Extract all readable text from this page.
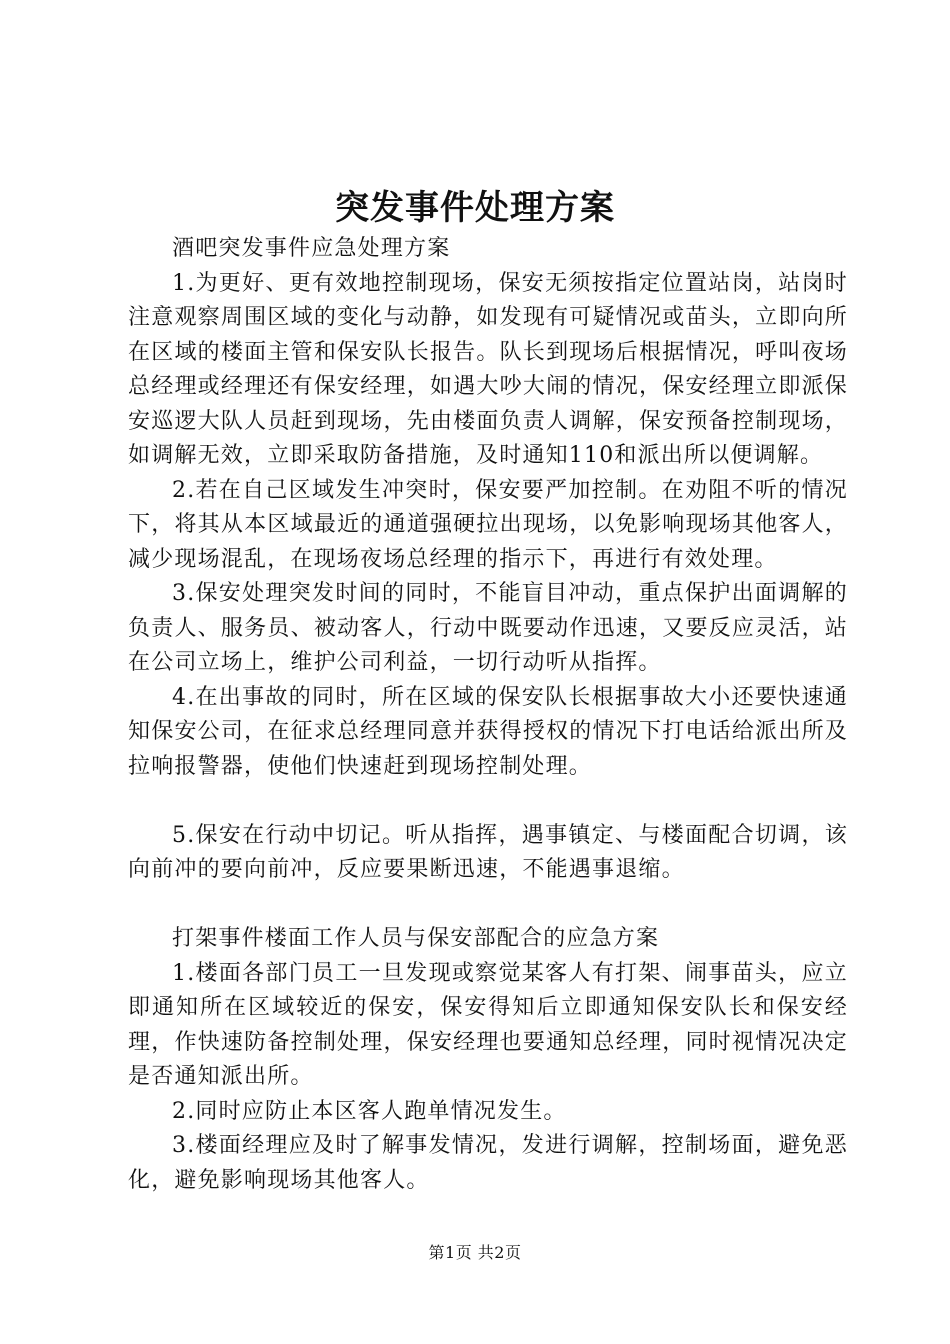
突发事件处理方案

酒吧突发事件应急处理方案

1.为更好、更有效地控制现场，保安无须按指定位置站岗，站岗时注意观察周围区域的变化与动静，如发现有可疑情况或苗头，立即向所在区域的楼面主管和保安队长报告。队长到现场后根据情况，呼叫夜场总经理或经理还有保安经理，如遇大吵大闹的情况，保安经理立即派保安巡逻大队人员赶到现场，先由楼面负责人调解，保安预备控制现场，如调解无效，立即采取防备措施，及时通知110和派出所以便调解。

2.若在自己区域发生冲突时，保安要严加控制。在劝阻不听的情况下，将其从本区域最近的通道强硬拉出现场，以免影响现场其他客人，减少现场混乱，在现场夜场总经理的指示下，再进行有效处理。

3.保安处理突发时间的同时，不能盲目冲动，重点保护出面调解的负责人、服务员、被动客人，行动中既要动作迅速，又要反应灵活，站在公司立场上，维护公司利益，一切行动听从指挥。

4.在出事故的同时，所在区域的保安队长根据事故大小还要快速通知保安公司，在征求总经理同意并获得授权的情况下打电话给派出所及拉响报警器，使他们快速赶到现场控制处理。

5.保安在行动中切记。听从指挥，遇事镇定、与楼面配合切调，该向前冲的要向前冲，反应要果断迅速，不能遇事退缩。

打架事件楼面工作人员与保安部配合的应急方案

1.楼面各部门员工一旦发现或察觉某客人有打架、闹事苗头，应立即通知所在区域较近的保安，保安得知后立即通知保安队长和保安经理，作快速防备控制处理，保安经理也要通知总经理，同时视情况决定是否通知派出所。

2.同时应防止本区客人跑单情况发生。

3.楼面经理应及时了解事发情况，发进行调解，控制场面，避免恶化，避免影响现场其他客人。

第1页 共2页
